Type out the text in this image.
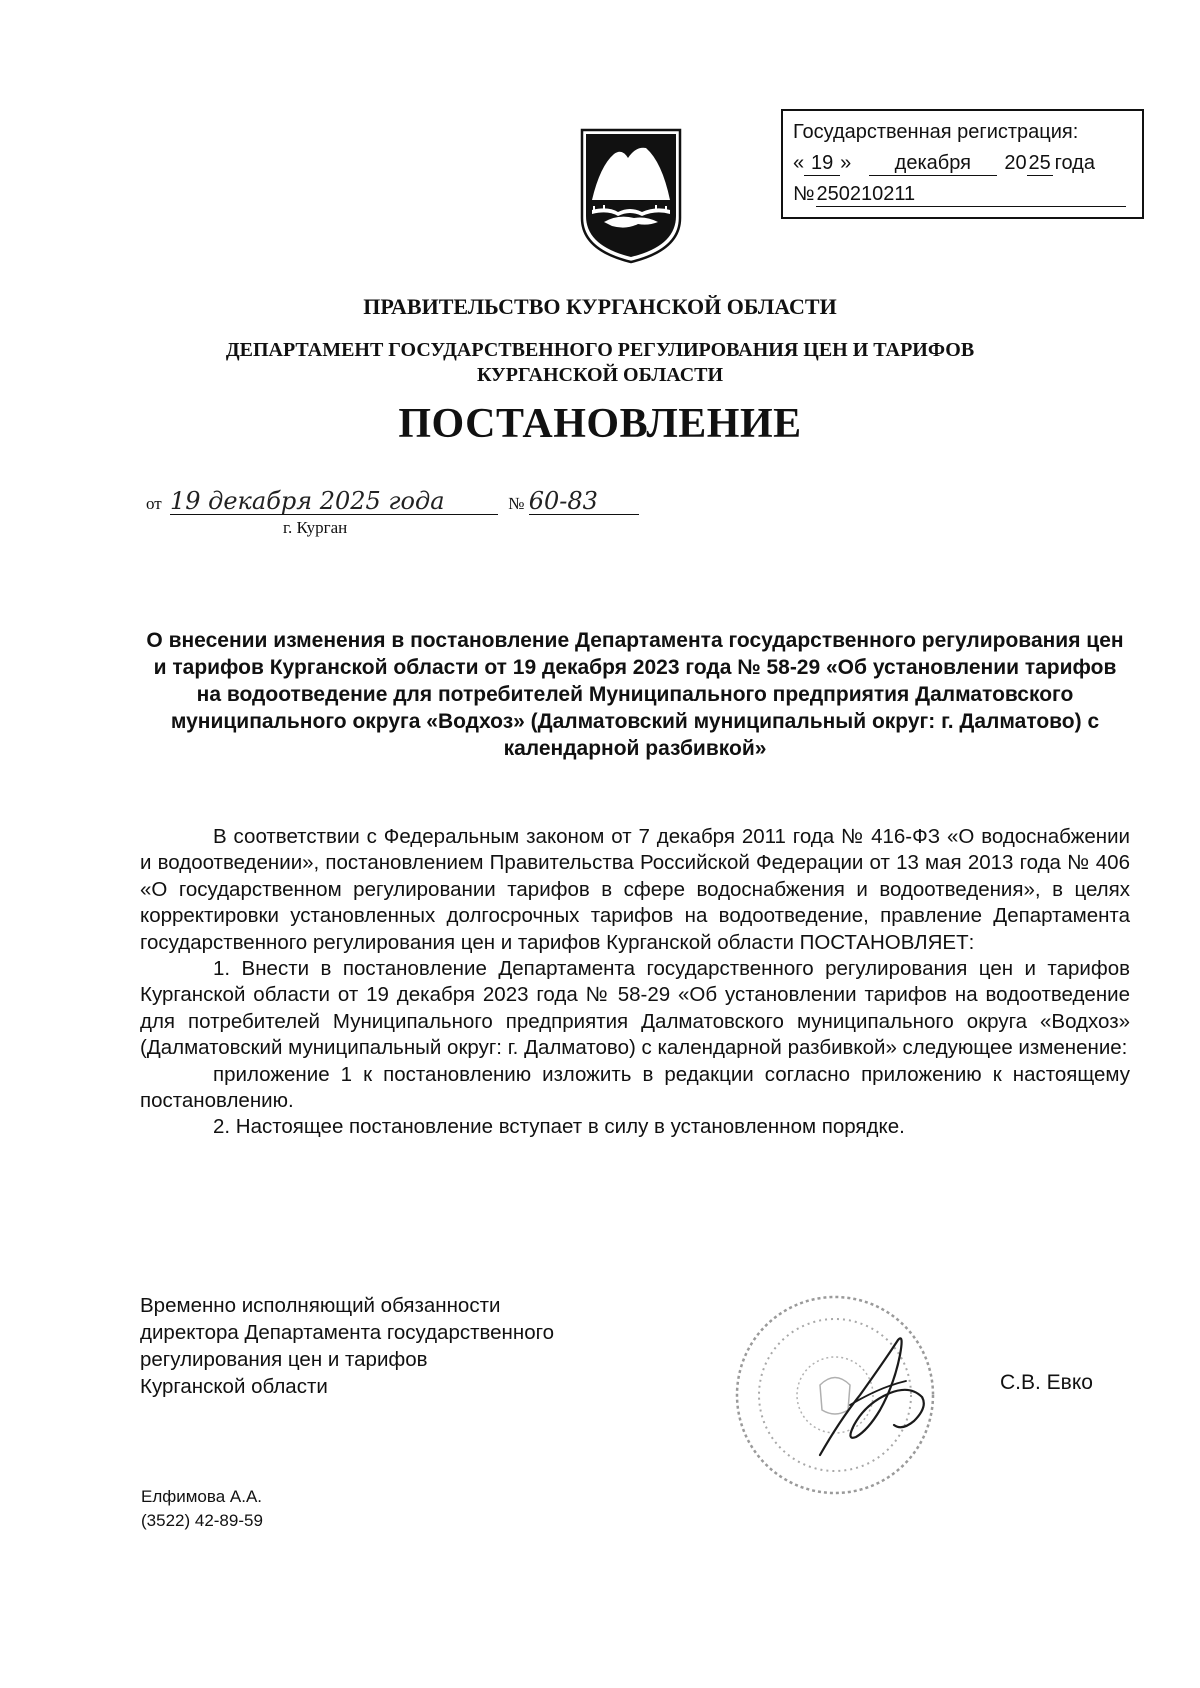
Государственная регистрация:
« 19 » декабря 2025 года
№ 250210211
ПРАВИТЕЛЬСТВО КУРГАНСКОЙ ОБЛАСТИ
ДЕПАРТАМЕНТ ГОСУДАРСТВЕННОГО РЕГУЛИРОВАНИЯ ЦЕН И ТАРИФОВ
КУРГАНСКОЙ ОБЛАСТИ
ПОСТАНОВЛЕНИЕ
от 19 декабря 2025 года	№ 60-83
г. Курган
О внесении изменения в постановление Департамента государственного регулирования цен и тарифов Курганской области от 19 декабря 2023 года № 58-29 «Об установлении тарифов на водоотведение для потребителей Муниципального предприятия Далматовского муниципального округа «Водхоз» (Далматовский муниципальный округ: г. Далматово) с календарной разбивкой»

В соответствии с Федеральным законом от 7 декабря 2011 года № 416-ФЗ «О водоснабжении и водоотведении», постановлением Правительства Российской Федерации от 13 мая 2013 года № 406 «О государственном регулировании тарифов в сфере водоснабжения и водоотведения», в целях корректировки установленных долгосрочных тарифов на водоотведение, правление Департамента государственного регулирования цен и тарифов Курганской области ПОСТАНОВЛЯЕТ:

1. Внести в постановление Департамента государственного регулирования цен и тарифов Курганской области от 19 декабря 2023 года № 58-29 «Об установлении тарифов на водоотведение для потребителей Муниципального предприятия Далматовского муниципального округа «Водхоз» (Далматовский муниципальный округ: г. Далматово) с календарной разбивкой» следующее изменение:

приложение 1 к постановлению изложить в редакции согласно приложению к настоящему постановлению.

2. Настоящее постановление вступает в силу в установленном порядке.

Временно исполняющий обязанности
директора Департамента государственного
регулирования цен и тарифов
Курганской области	С.В. Евко
Елфимова А.А.
(3522) 42-89-59
